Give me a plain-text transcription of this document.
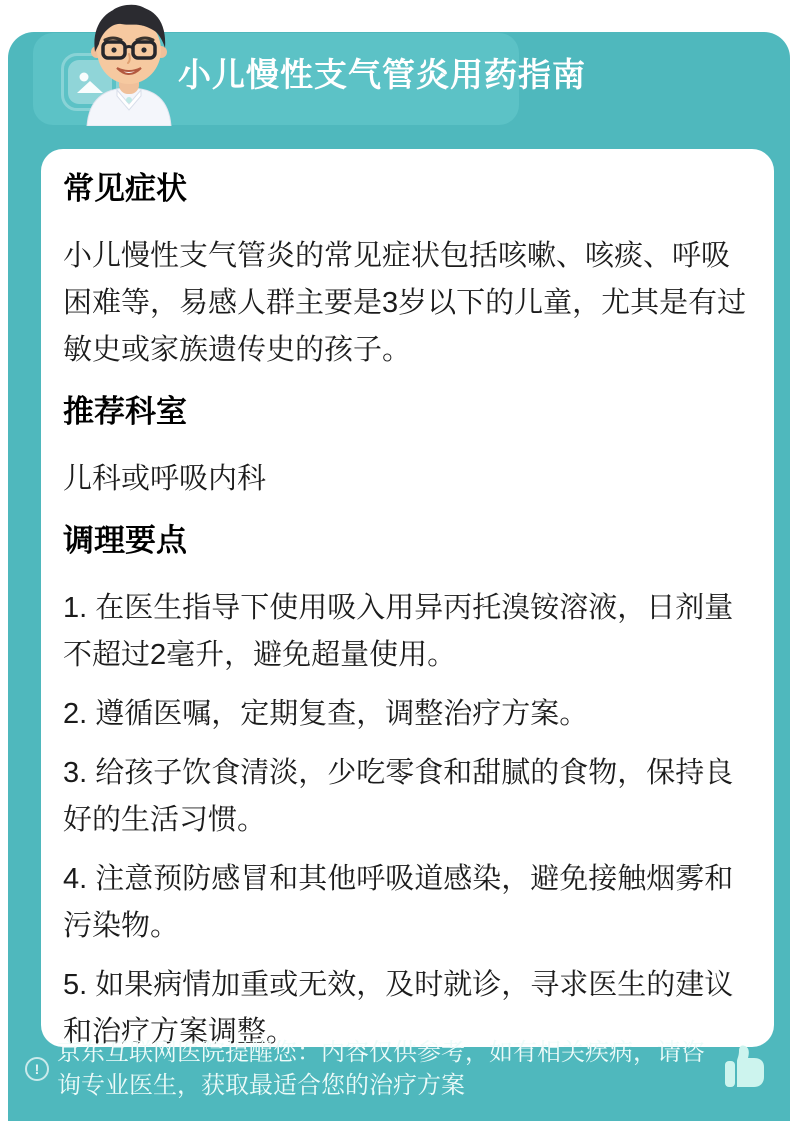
小儿慢性支气管炎用药指南
常见症状

小儿慢性支气管炎的常见症状包括咳嗽、咳痰、呼吸困难等，易感人群主要是3岁以下的儿童，尤其是有过敏史或家族遗传史的孩子。

推荐科室

儿科或呼吸内科

调理要点

1. 在医生指导下使用吸入用异丙托溴铵溶液，日剂量不超过2毫升，避免超量使用。

2. 遵循医嘱，定期复查，调整治疗方案。

3. 给孩子饮食清淡，少吃零食和甜腻的食物，保持良好的生活习惯。

4. 注意预防感冒和其他呼吸道感染，避免接触烟雾和污染物。

5. 如果病情加重或无效，及时就诊，寻求医生的建议和治疗方案调整。

!
京东互联网医院提醒您：内容仅供参考，如有相关疾病，请咨询专业医生，获取最适合您的治疗方案
